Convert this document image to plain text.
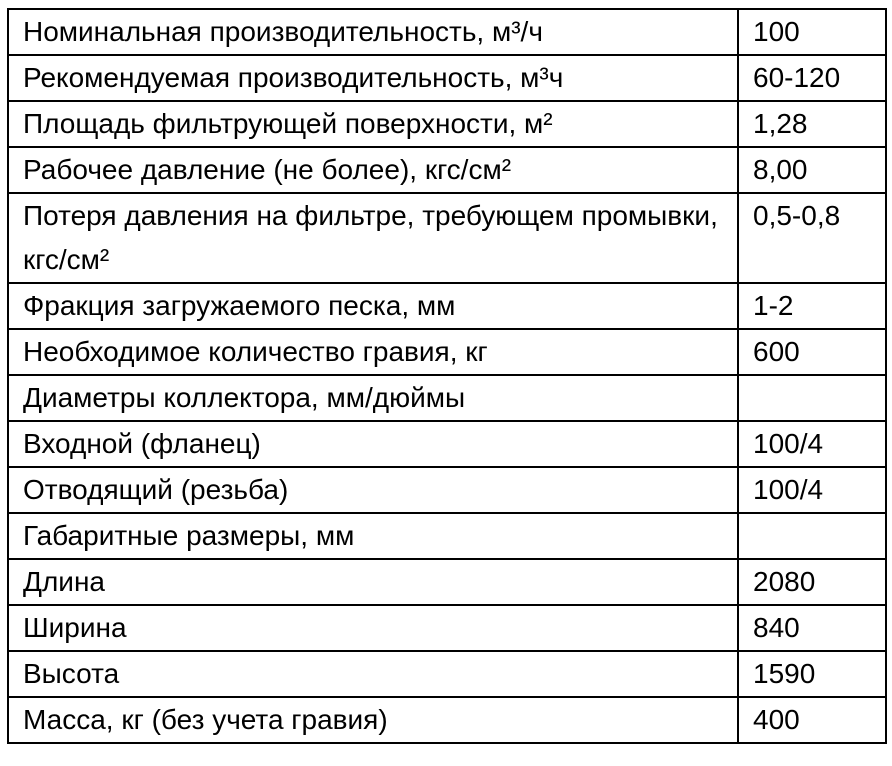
Номинальная производительность, м³/ч	100
Рекомендуемая производительность, м³ч	60-120
Площадь фильтрующей поверхности, м²	1,28
Рабочее давление (не более), кгс/см²	8,00
Потеря давления на фильтре, требующем промывки, кгс/см²	0,5-0,8
Фракция загружаемого песка, мм	1-2
Необходимое количество гравия, кг	600
Диаметры коллектора, мм/дюймы	
Входной (фланец)	100/4
Отводящий (резьба)	100/4
Габаритные размеры, мм	
Длина	2080
Ширина	840
Высота	1590
Масса, кг (без учета гравия)	400
